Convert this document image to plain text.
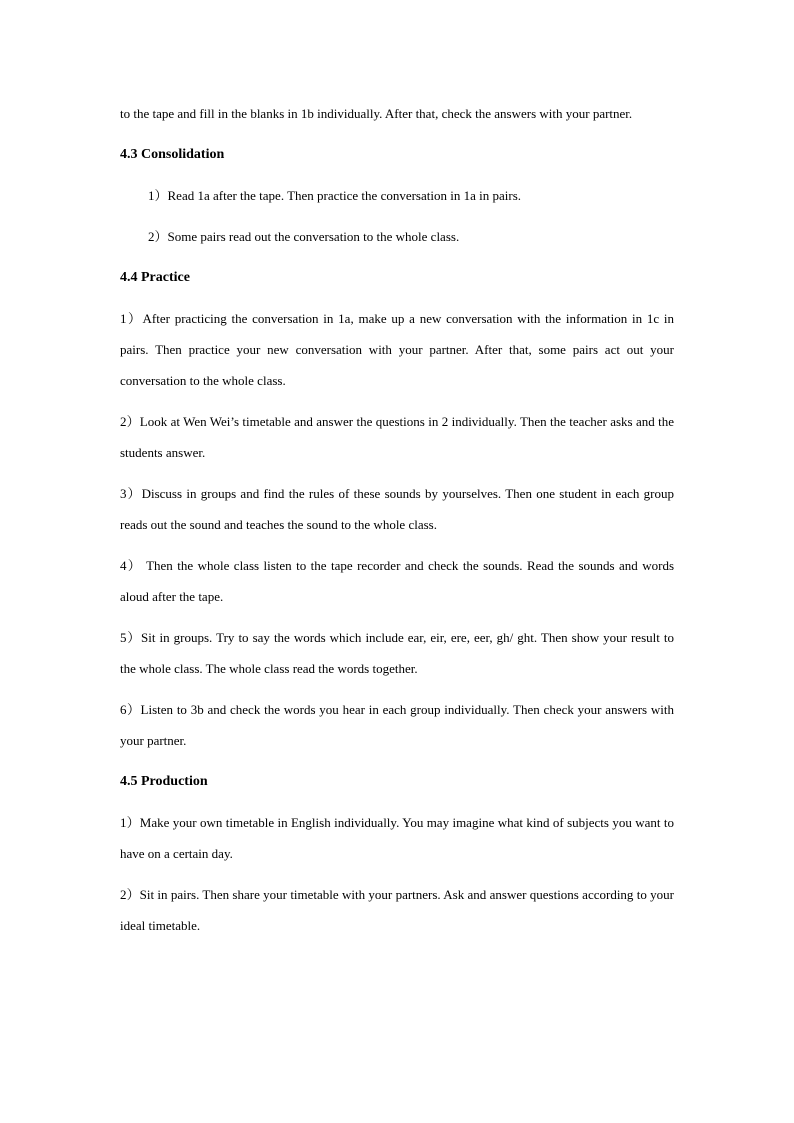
to the tape and fill in the blanks in 1b individually. After that, check the answers with your partner.

4.3 Consolidation

1）Read 1a after the tape. Then practice the conversation in 1a in pairs.

2）Some pairs read out the conversation to the whole class.

4.4 Practice

1）After practicing the conversation in 1a, make up a new conversation with the information in 1c in pairs. Then practice your new conversation with your partner. After that, some pairs act out your conversation to the whole class.

2）Look at Wen Wei’s timetable and answer the questions in 2 individually. Then the teacher asks and the students answer.

3）Discuss in groups and find the rules of these sounds by yourselves. Then one student in each group reads out the sound and teaches the sound to the whole class.

4） Then the whole class listen to the tape recorder and check the sounds. Read the sounds and words aloud after the tape.

5）Sit in groups. Try to say the words which include ear, eir, ere, eer, gh/ ght. Then show your result to the whole class. The whole class read the words together.

6）Listen to 3b and check the words you hear in each group individually. Then check your answers with your partner.

4.5 Production

1）Make your own timetable in English individually. You may imagine what kind of subjects you want to have on a certain day.

2）Sit in pairs. Then share your timetable with your partners. Ask and answer questions according to your ideal timetable.
